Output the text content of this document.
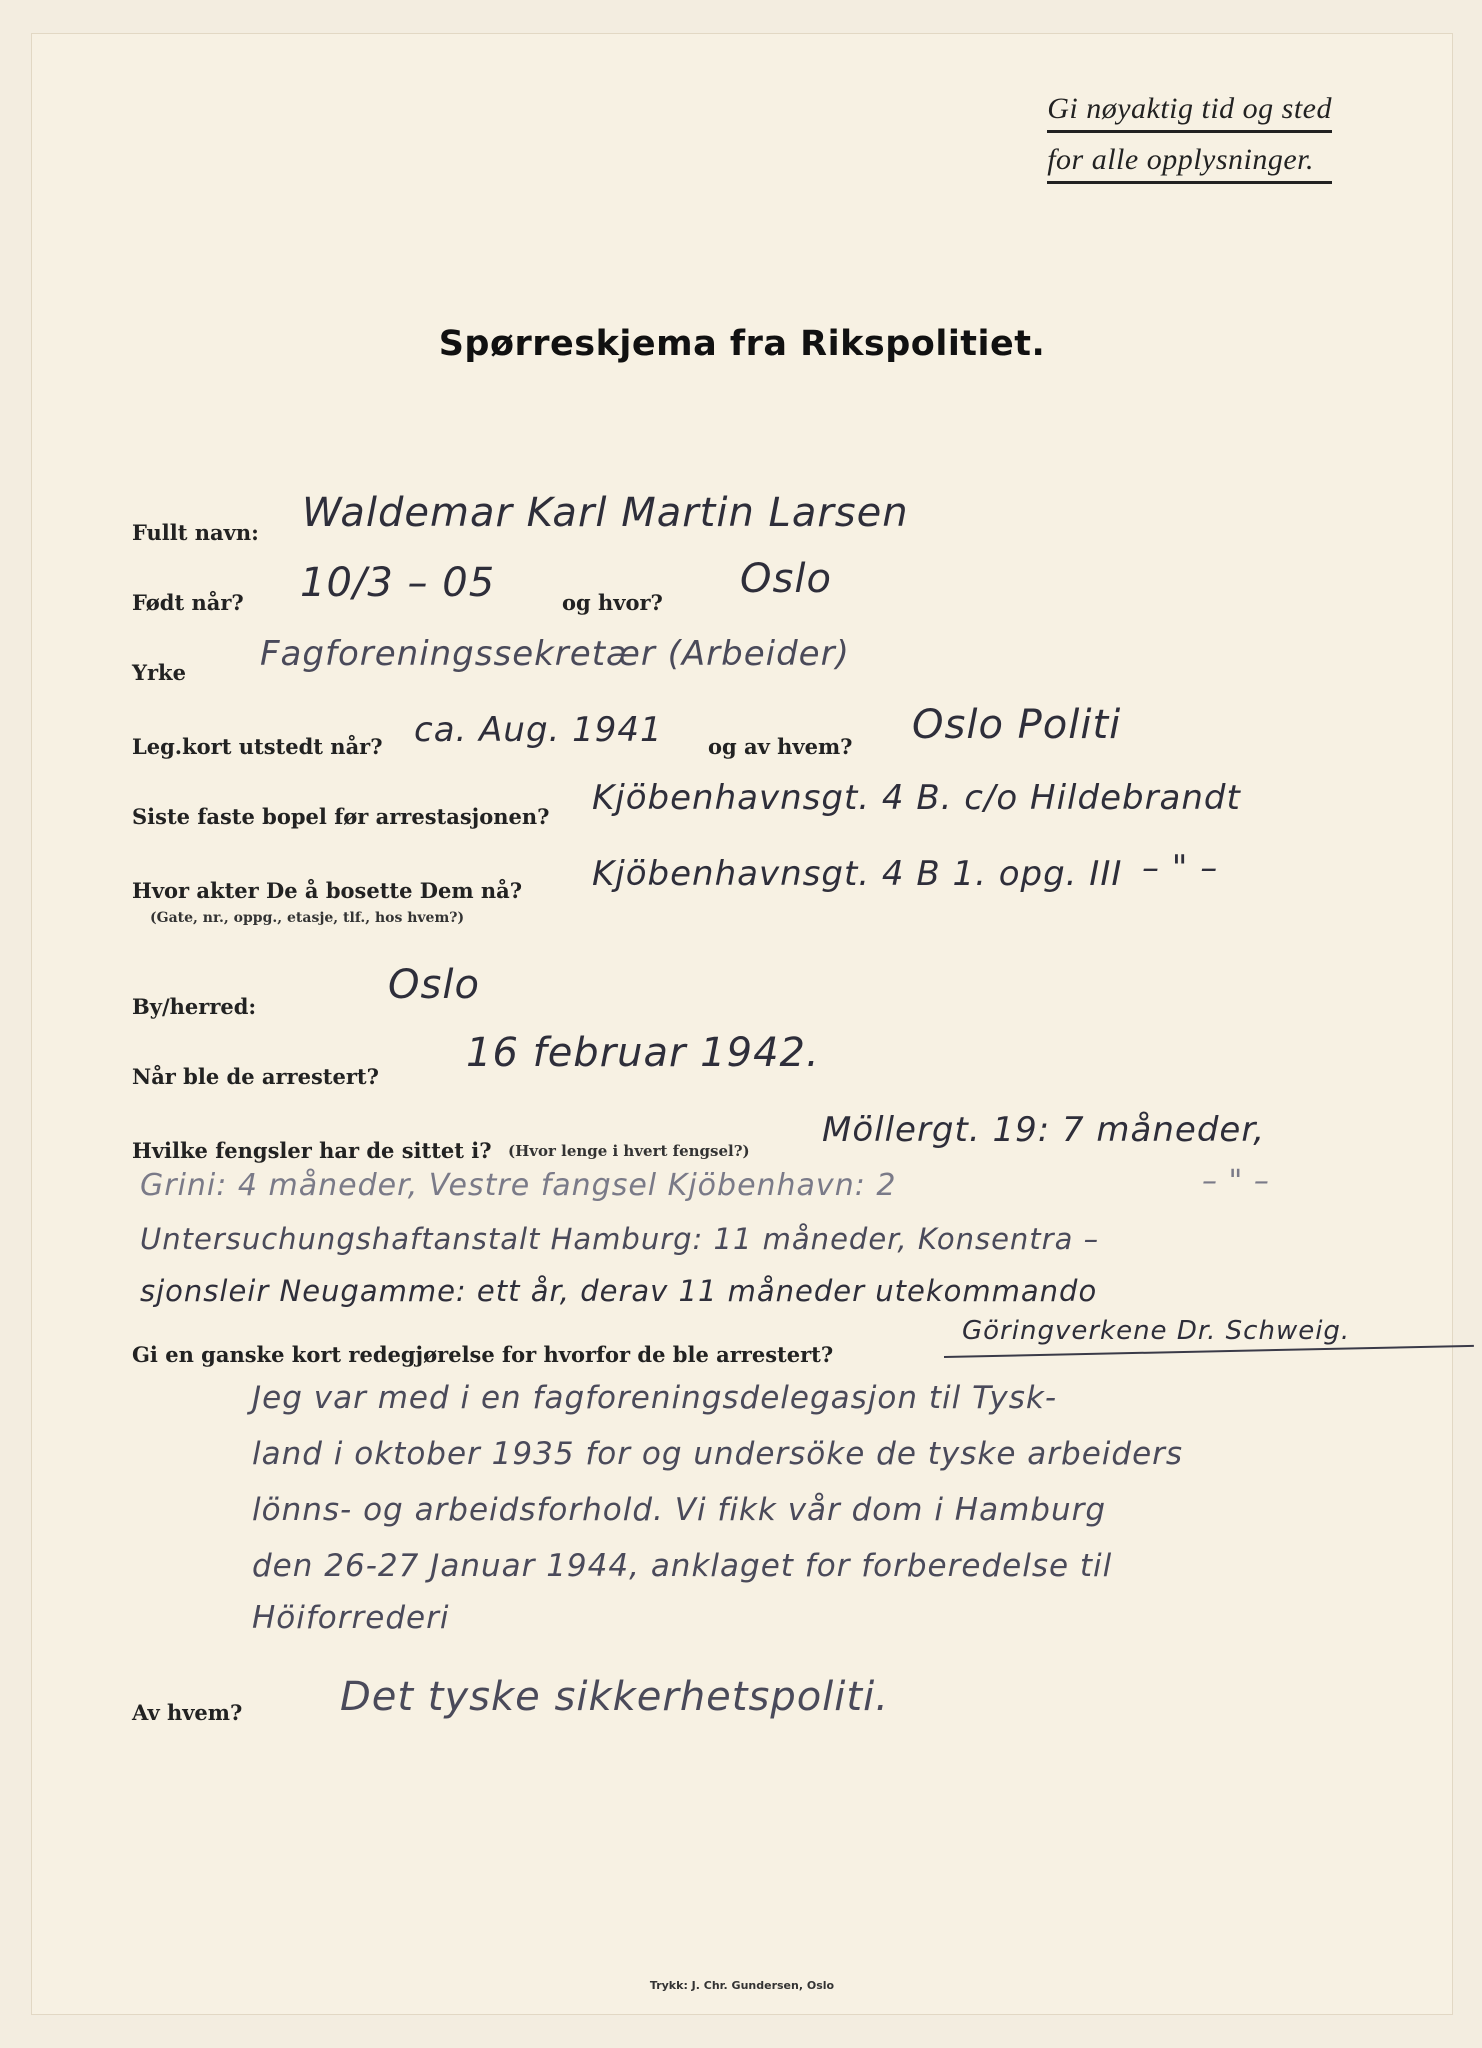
Gi nøyaktig tid og sted
for alle opplysninger.
Spørreskjema fra Rikspolitiet.
Fullt navn: Waldemar Karl Martin Larsen
Født når? 10/3 – 05	og hvor?
Oslo
Yrke Fagforeningssekretær (Arbeider)
Leg.kort utstedt når? ca. Aug. 1941 og av hvem? Oslo Politi
Siste faste bopel før arrestasjonen? Kjöbenhavnsgt. 4 B. c/o Hildebrandt
Hvor akter De å bosette Dem nå?
(Gate, nr., oppg., etasje, tlf., hos hvem?)
Kjöbenhavnsgt. 4 B 1. opg. III – " –
By/herred:	Oslo
Når ble de arrestert?
16 februar 1942.
Hvilke fengsler har de sittet i? (Hvor lenge i hvert fengsel?)
Möllergt. 19: 7 måneder,
Grini: 4 måneder, Vestre fangsel Kjöbenhavn: 2	– " –
Untersuchungshaftanstalt Hamburg: 11 måneder, Konsentra –
sjonsleir Neugamme: ett år, derav 11 måneder utekommando
Gi en ganske kort redegjørelse for hvorfor de ble arrestert?
Göringverkene Dr. Schweig.
Jeg var med i en fagforeningsdelegasjon til Tysk-
land i oktober 1935 for og undersöke de tyske arbeiders
lönns- og arbeidsforhold. Vi fikk vår dom i Hamburg
den 26-27 Januar 1944, anklaget for forberedelse til
Höiforrederi
Av hvem? Det tyske sikkerhetspoliti.
Trykk: J. Chr. Gundersen, Oslo
